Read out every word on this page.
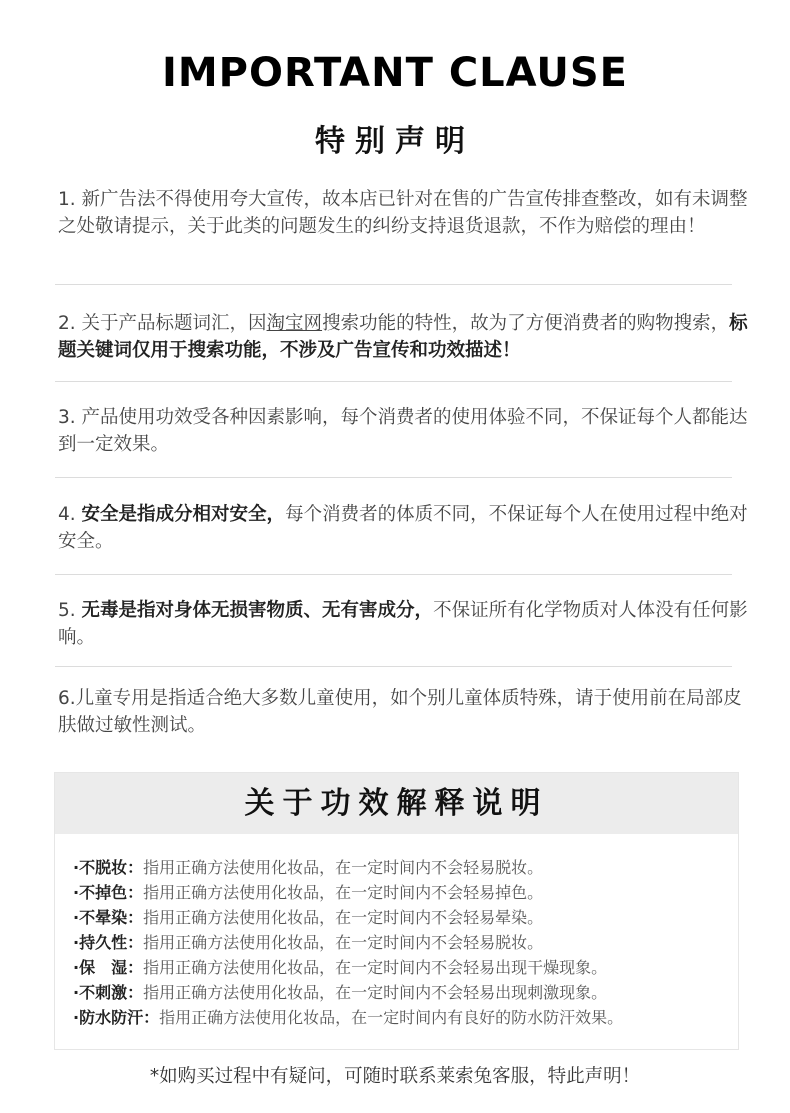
IMPORTANT CLAUSE
特别声明
1. 新广告法不得使用夸大宣传，故本店已针对在售的广告宣传排查整改，如有未调整之处敬请提示，关于此类的问题发生的纠纷支持退货退款，不作为赔偿的理由！
2. 关于产品标题词汇，因淘宝网搜索功能的特性，故为了方便消费者的购物搜索，标题关键词仅用于搜索功能，不涉及广告宣传和功效描述！
3. 产品使用功效受各种因素影响，每个消费者的使用体验不同，不保证每个人都能达到一定效果。
4. 安全是指成分相对安全，每个消费者的体质不同，不保证每个人在使用过程中绝对安全。
5. 无毒是指对身体无损害物质、无有害成分，不保证所有化学物质对人体没有任何影响。
6.儿童专用是指适合绝大多数儿童使用，如个别儿童体质特殊，请于使用前在局部皮肤做过敏性测试。
关于功效解释说明
·不脱妆：指用正确方法使用化妆品，在一定时间内不会轻易脱妆。
·不掉色：指用正确方法使用化妆品，在一定时间内不会轻易掉色。
·不晕染：指用正确方法使用化妆品，在一定时间内不会轻易晕染。
·持久性：指用正确方法使用化妆品，在一定时间内不会轻易脱妆。
·保　湿：指用正确方法使用化妆品，在一定时间内不会轻易出现干燥现象。
·不刺激：指用正确方法使用化妆品，在一定时间内不会轻易出现刺激现象。
·防水防汗：指用正确方法使用化妆品，在一定时间内有良好的防水防汗效果。
*如购买过程中有疑问，可随时联系莱索兔客服，特此声明！
